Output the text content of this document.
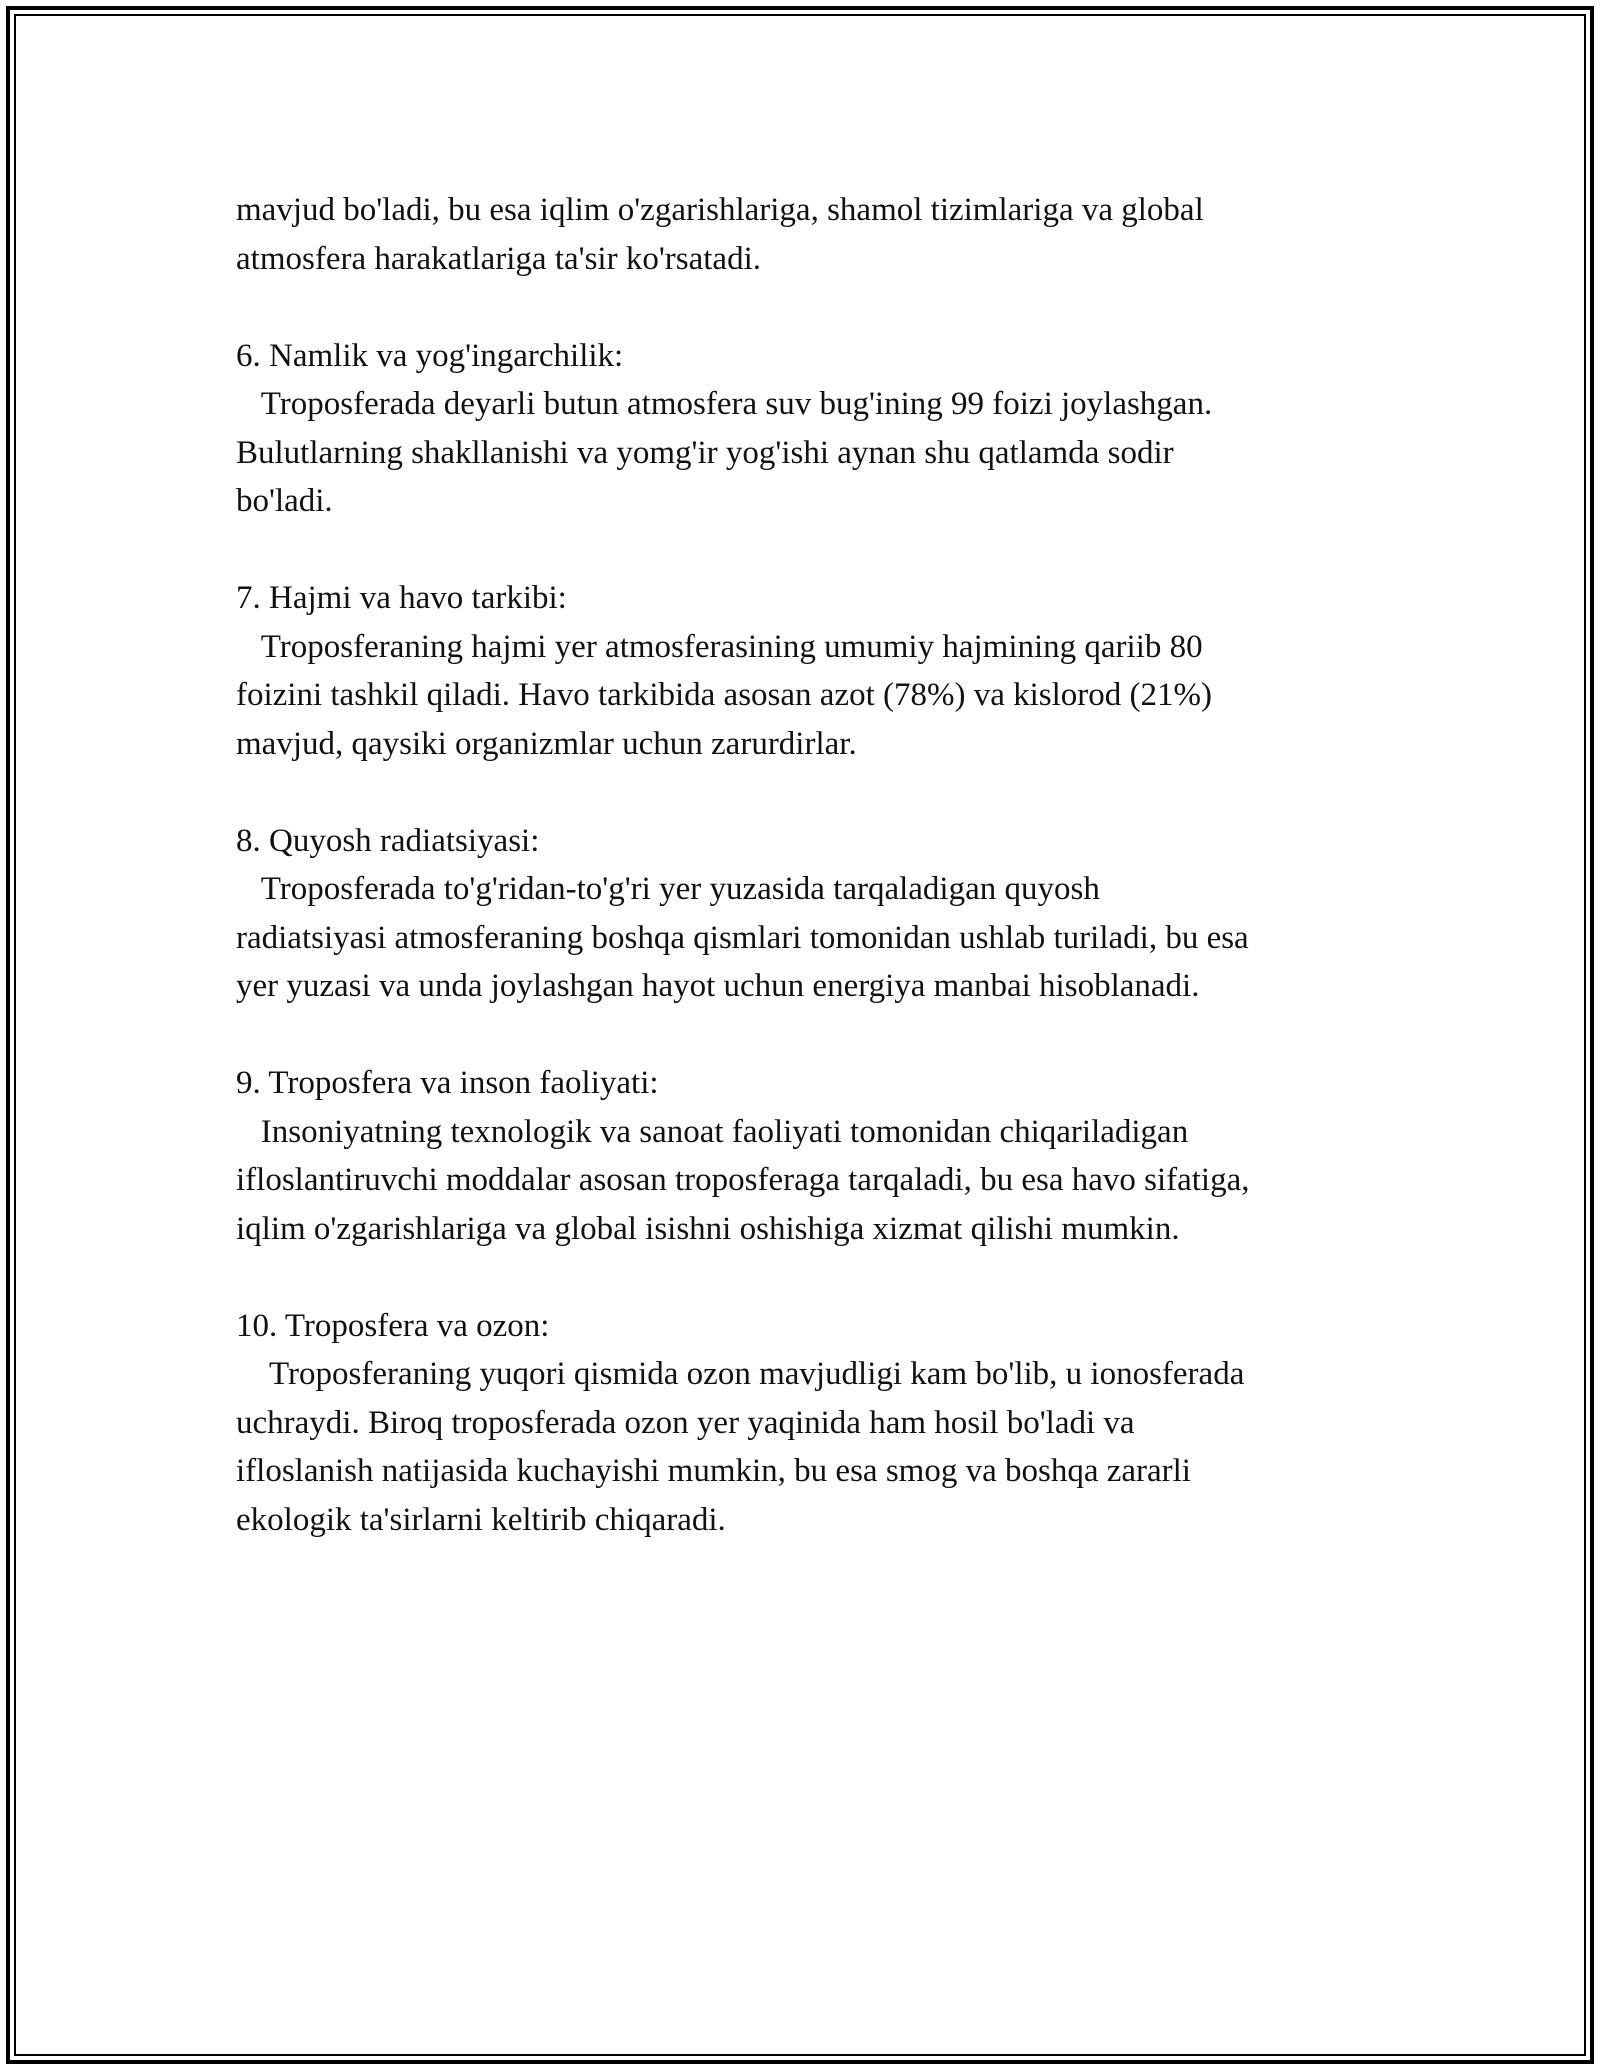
mavjud bo'ladi, bu esa iqlim o'zgarishlariga, shamol tizimlariga va global

atmosfera harakatlariga ta'sir ko'rsatadi.

6. Namlik va yog'ingarchilik:

Troposferada deyarli butun atmosfera suv bug'ining 99 foizi joylashgan.

Bulutlarning shakllanishi va yomg'ir yog'ishi aynan shu qatlamda sodir

bo'ladi.

7. Hajmi va havo tarkibi:

Troposferaning hajmi yer atmosferasining umumiy hajmining qariib 80

foizini tashkil qiladi. Havo tarkibida asosan azot (78%) va kislorod (21%)

mavjud, qaysiki organizmlar uchun zarurdirlar.

8. Quyosh radiatsiyasi:

Troposferada to'g'ridan-to'g'ri yer yuzasida tarqaladigan quyosh

radiatsiyasi atmosferaning boshqa qismlari tomonidan ushlab turiladi, bu esa

yer yuzasi va unda joylashgan hayot uchun energiya manbai hisoblanadi.

9. Troposfera va inson faoliyati:

Insoniyatning texnologik va sanoat faoliyati tomonidan chiqariladigan

ifloslantiruvchi moddalar asosan troposferaga tarqaladi, bu esa havo sifatiga,

iqlim o'zgarishlariga va global isishni oshishiga xizmat qilishi mumkin.

10. Troposfera va ozon:

Troposferaning yuqori qismida ozon mavjudligi kam bo'lib, u ionosferada

uchraydi. Biroq troposferada ozon yer yaqinida ham hosil bo'ladi va

ifloslanish natijasida kuchayishi mumkin, bu esa smog va boshqa zararli

ekologik ta'sirlarni keltirib chiqaradi.
